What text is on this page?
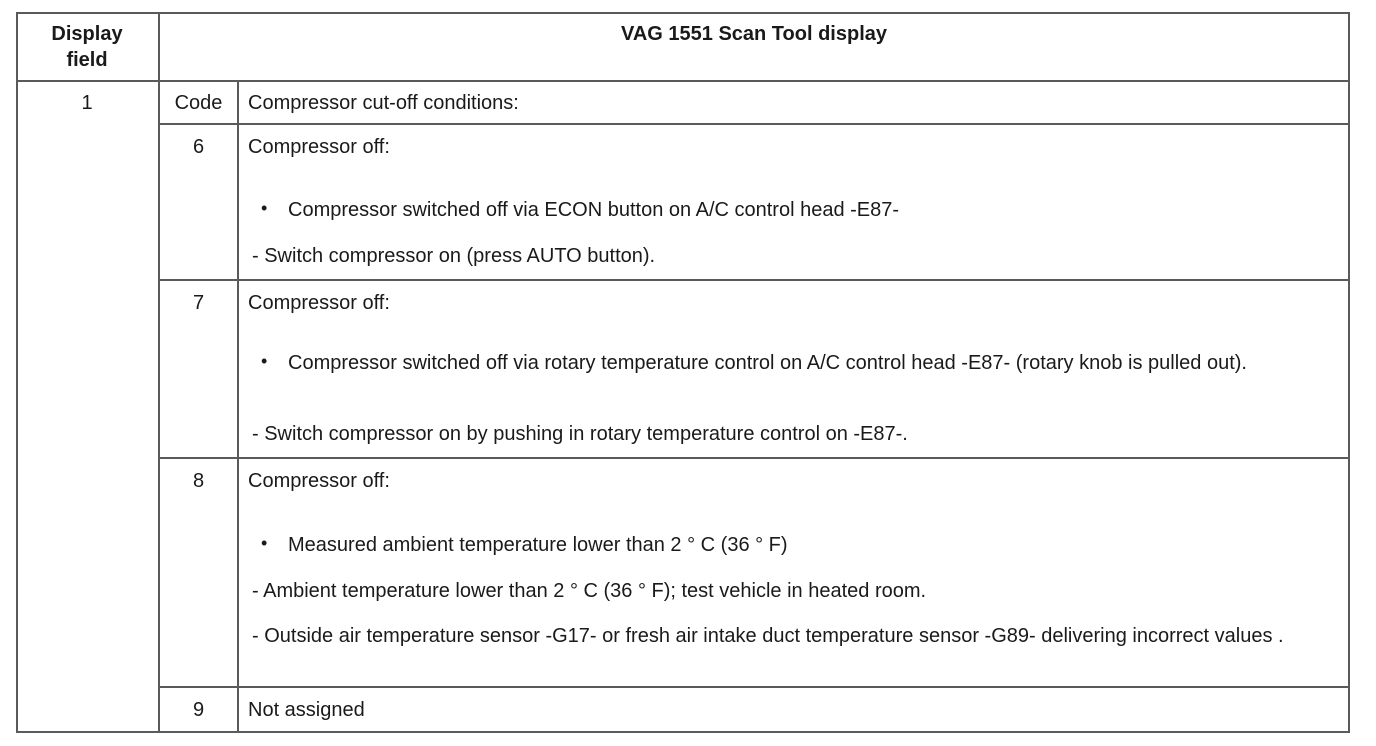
Display
field
VAG 1551 Scan Tool display
1	Code	Compressor cut-off conditions:
6	Compressor off:
• Compressor switched off via ECON button on A/C control head -E87-
- Switch compressor on (press AUTO button).
7	Compressor off:
• Compressor switched off via rotary temperature control on A/C control head -E87- (rotary knob is pulled out).
- Switch compressor on by pushing in rotary temperature control on -E87-.
8	Compressor off:
• Measured ambient temperature lower than 2 ° C (36 ° F)
- Ambient temperature lower than 2 ° C (36 ° F); test vehicle in heated room.
- Outside air temperature sensor -G17- or fresh air intake duct temperature sensor -G89- delivering incorrect values .
9	Not assigned
